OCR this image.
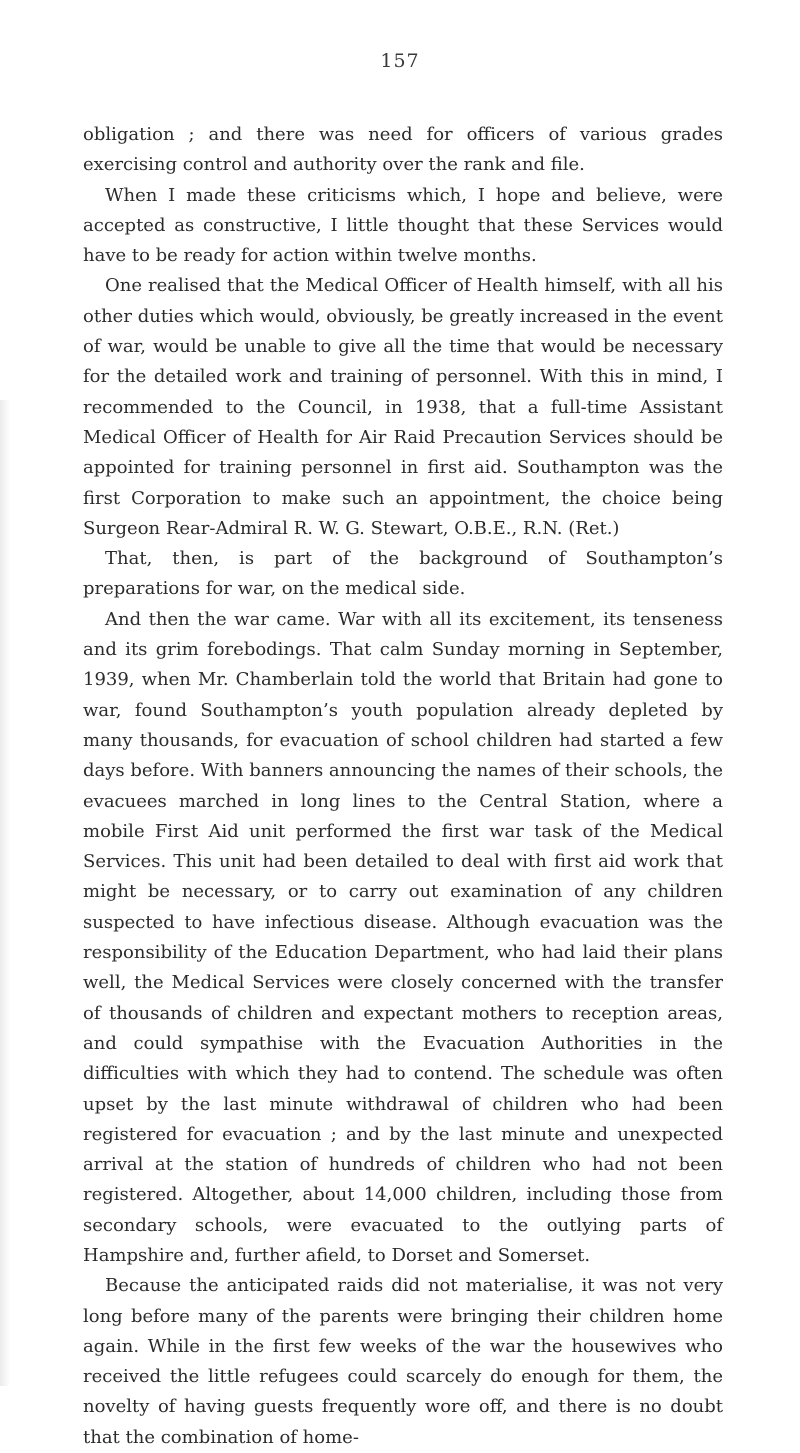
157

obligation ; and there was need for officers of various grades exercising control and authority over the rank and file.

When I made these criticisms which, I hope and believe, were accepted as constructive, I little thought that these Services would have to be ready for action within twelve months.

One realised that the Medical Officer of Health himself, with all his other duties which would, obviously, be greatly increased in the event of war, would be unable to give all the time that would be necessary for the detailed work and training of personnel. With this in mind, I recommended to the Council, in 1938, that a full-time Assistant Medical Officer of Health for Air Raid Precaution Services should be appointed for training personnel in first aid. Southampton was the first Corporation to make such an appointment, the choice being Surgeon Rear-Admiral R. W. G. Stewart, O.B.E., R.N. (Ret.)

That, then, is part of the background of Southampton’s preparations for war, on the medical side.

And then the war came. War with all its excitement, its tenseness and its grim forebodings. That calm Sunday morning in September, 1939, when Mr. Chamberlain told the world that Britain had gone to war, found Southampton’s youth population already depleted by many thousands, for evacuation of school children had started a few days before. With banners announcing the names of their schools, the evacuees marched in long lines to the Central Station, where a mobile First Aid unit performed the first war task of the Medical Services. This unit had been detailed to deal with first aid work that might be necessary, or to carry out examination of any children suspected to have infectious disease. Although evacuation was the responsibility of the Education Department, who had laid their plans well, the Medical Services were closely concerned with the transfer of thousands of children and expectant mothers to reception areas, and could sympathise with the Evacuation Authorities in the difficulties with which they had to contend. The schedule was often upset by the last minute withdrawal of children who had been registered for evacuation ; and by the last minute and unexpected arrival at the station of hundreds of children who had not been registered. Altogether, about 14,000 children, including those from secondary schools, were evacuated to the outlying parts of Hampshire and, further afield, to Dorset and Somerset.

Because the anticipated raids did not materialise, it was not very long before many of the parents were bringing their children home again. While in the first few weeks of the war the housewives who received the little refugees could scarcely do enough for them, the novelty of having guests frequently wore off, and there is no doubt that the combination of home-
